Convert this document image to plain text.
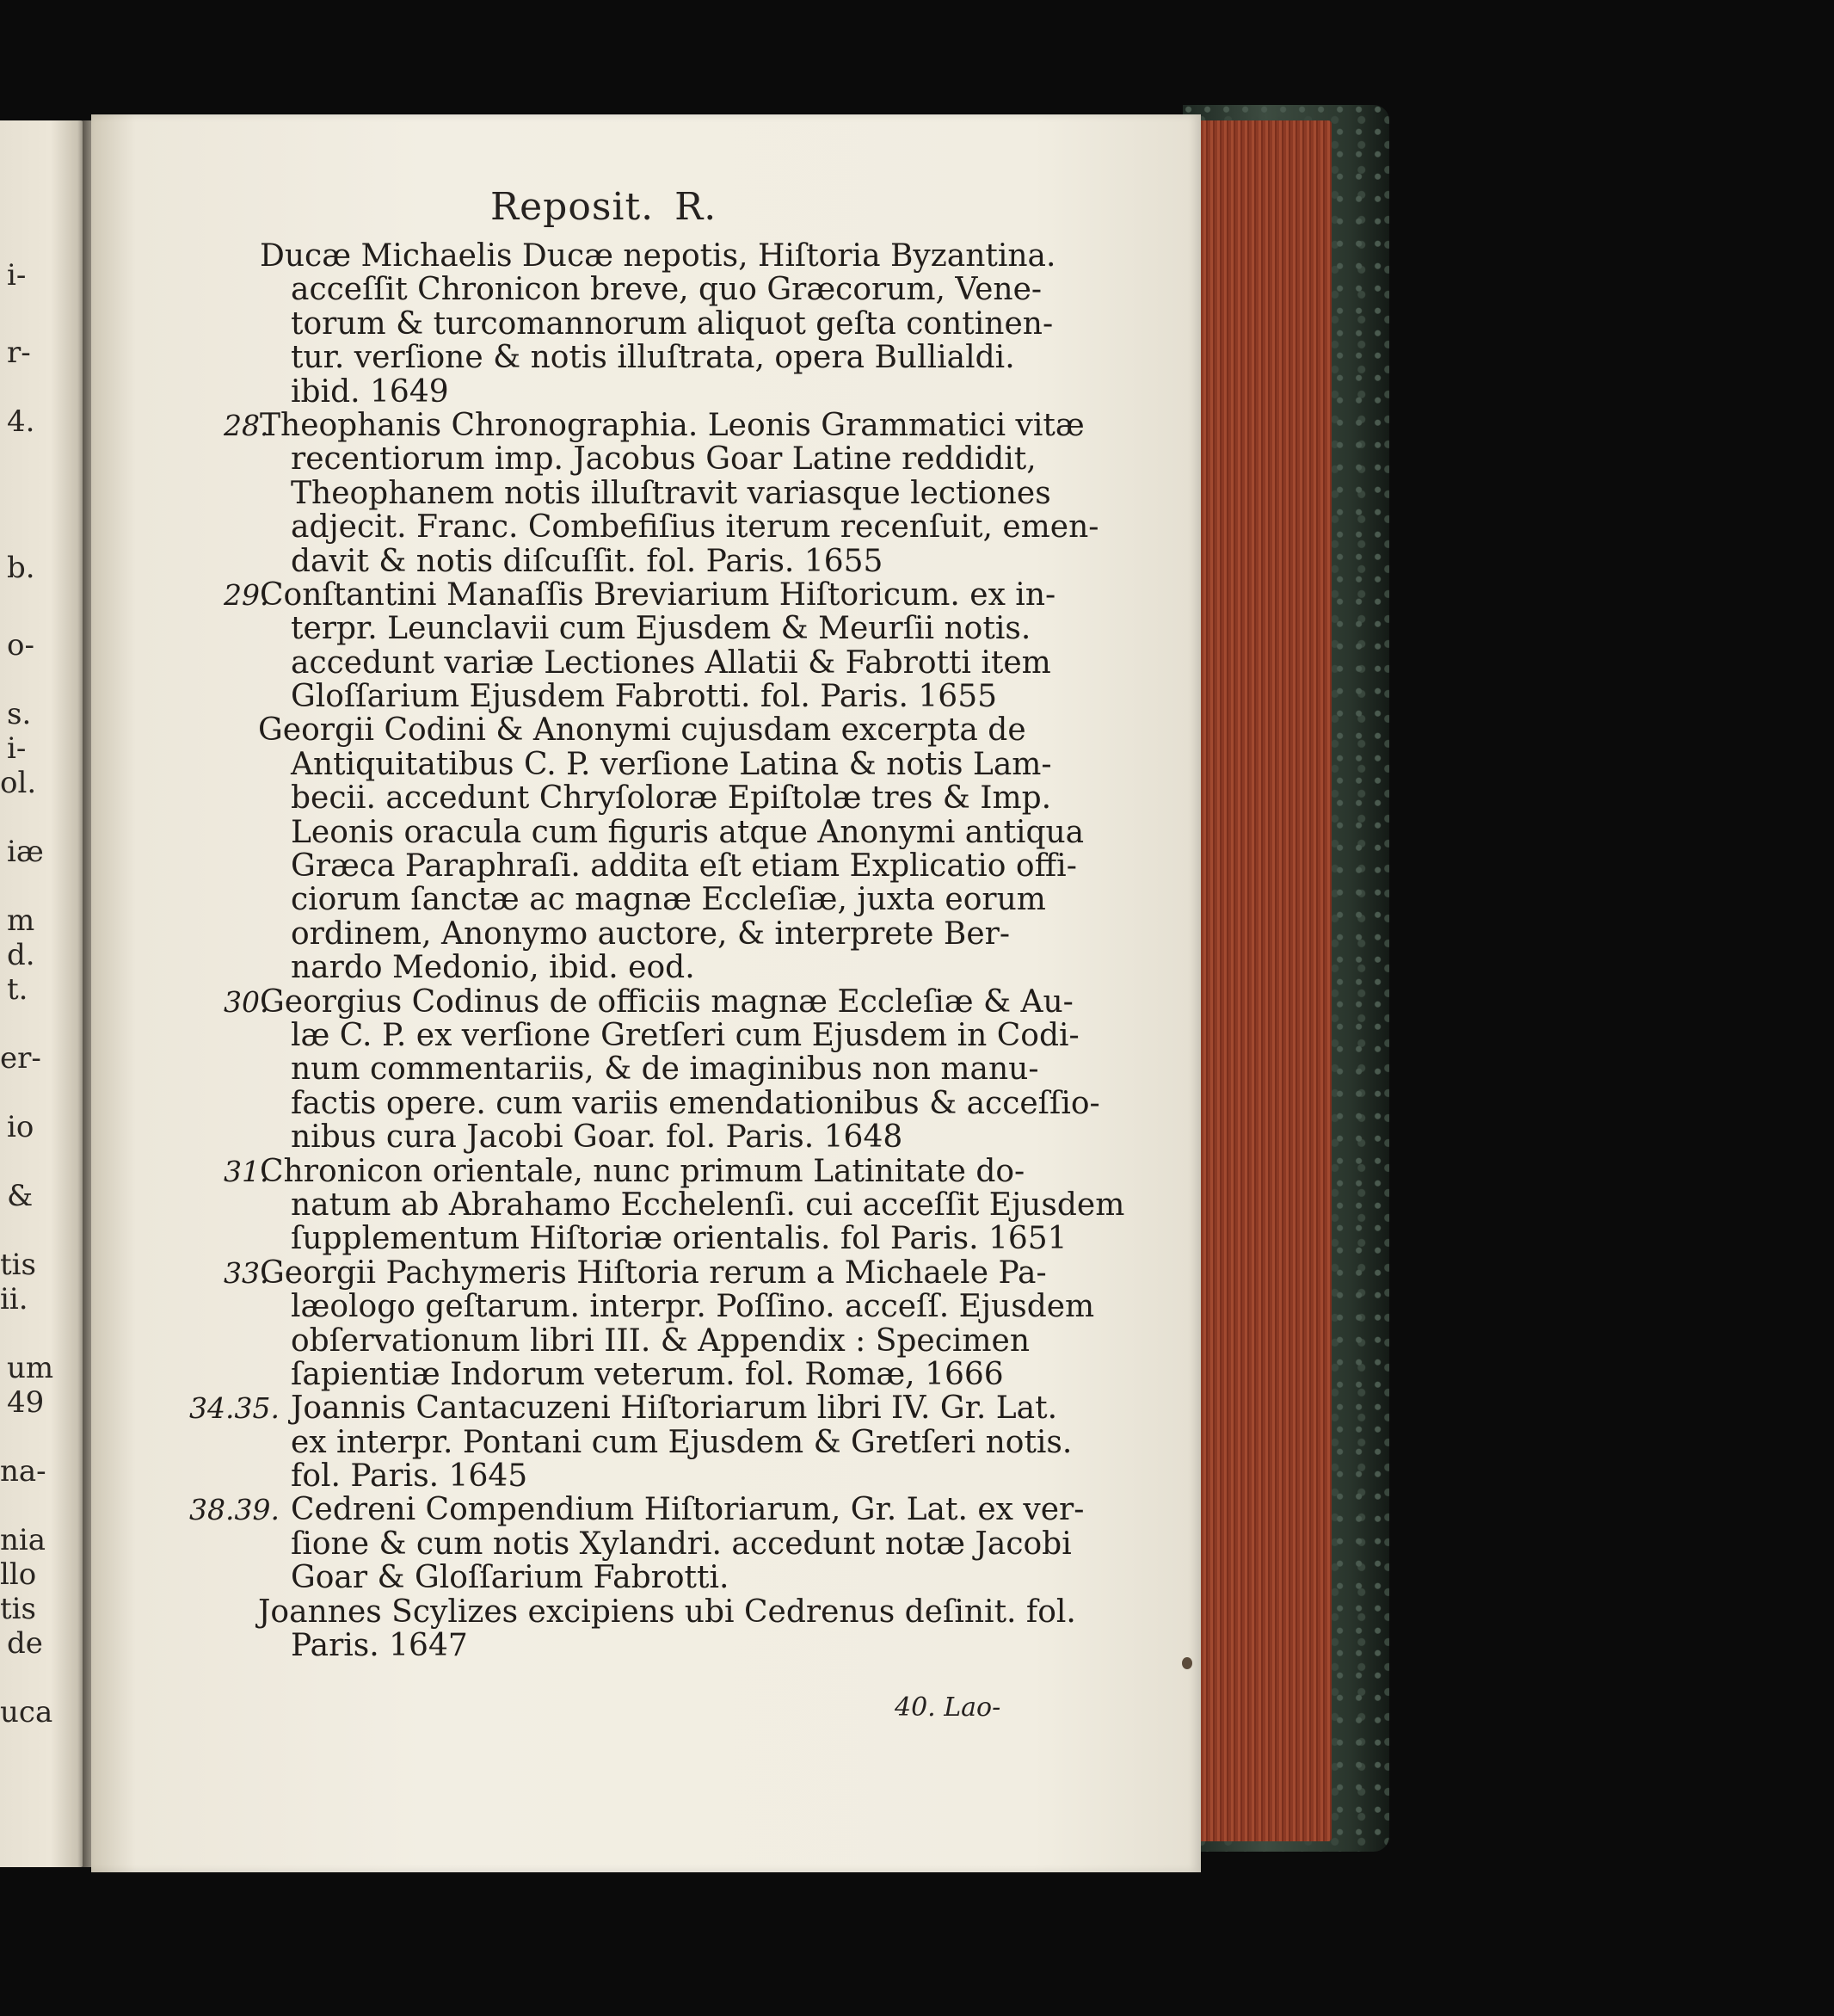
i-
r-
4.
b.
o-
s.
i-
ol.
iæ
m
d.
t.
er-
io
&
tis
ii.
um
49
na-
nia
llo
tis
de
uca
Reposit. R.
Ducæ Michaelis Ducæ nepotis, Hiſtoria Byzantina.
acceſſit Chronicon breve, quo Græcorum, Vene-
torum & turcomannorum aliquot geſta continen-
tur. verſione & notis illuſtrata, opera Bullialdi.
ibid. 1649
28.
Theophanis Chronographia. Leonis Grammatici vitæ
recentiorum imp. Jacobus Goar Latine reddidit,
Theophanem notis illuſtravit variasque lectiones
adjecit. Franc. Combefiſius iterum recenſuit, emen-
davit & notis diſcuſſit. fol. Paris. 1655
29.
Conſtantini Manaſſis Breviarium Hiſtoricum. ex in-
terpr. Leunclavii cum Ejusdem & Meurſii notis.
accedunt variæ Lectiones Allatii & Fabrotti item
Gloſſarium Ejusdem Fabrotti. fol. Paris. 1655
Georgii Codini & Anonymi cujusdam excerpta de
Antiquitatibus C. P. verſione Latina & notis Lam-
becii. accedunt Chryſoloræ Epiſtolæ tres & Imp.
Leonis oracula cum figuris atque Anonymi antiqua
Græca Paraphraſi. addita eſt etiam Explicatio offi-
ciorum ſanctæ ac magnæ Eccleſiæ, juxta eorum
ordinem, Anonymo auctore, & interprete Ber-
nardo Medonio, ibid. eod.
30.
Georgius Codinus de officiis magnæ Eccleſiæ & Au-
læ C. P. ex verſione Gretſeri cum Ejusdem in Codi-
num commentariis, & de imaginibus non manu-
factis opere. cum variis emendationibus & acceſſio-
nibus cura Jacobi Goar. fol. Paris. 1648
31.
Chronicon orientale, nunc primum Latinitate do-
natum ab Abrahamo Ecchelenſi. cui acceſſit Ejusdem
ſupplementum Hiſtoriæ orientalis. fol Paris. 1651
33.
Georgii Pachymeris Hiſtoria rerum a Michaele Pa-
læologo geſtarum. interpr. Poſſino. acceſſ. Ejusdem
obſervationum libri III. & Appendix : Specimen
ſapientiæ Indorum veterum. fol. Romæ, 1666
34.35. Joannis Cantacuzeni Hiſtoriarum libri IV. Gr. Lat.
ex interpr. Pontani cum Ejusdem & Gretſeri notis.
fol. Paris. 1645
38.39. Cedreni Compendium Hiſtoriarum, Gr. Lat. ex ver-
ſione & cum notis Xylandri. accedunt notæ Jacobi
Goar & Gloſſarium Fabrotti.
Joannes Scylizes excipiens ubi Cedrenus deſinit. fol.
Paris. 1647
40. Lao-
